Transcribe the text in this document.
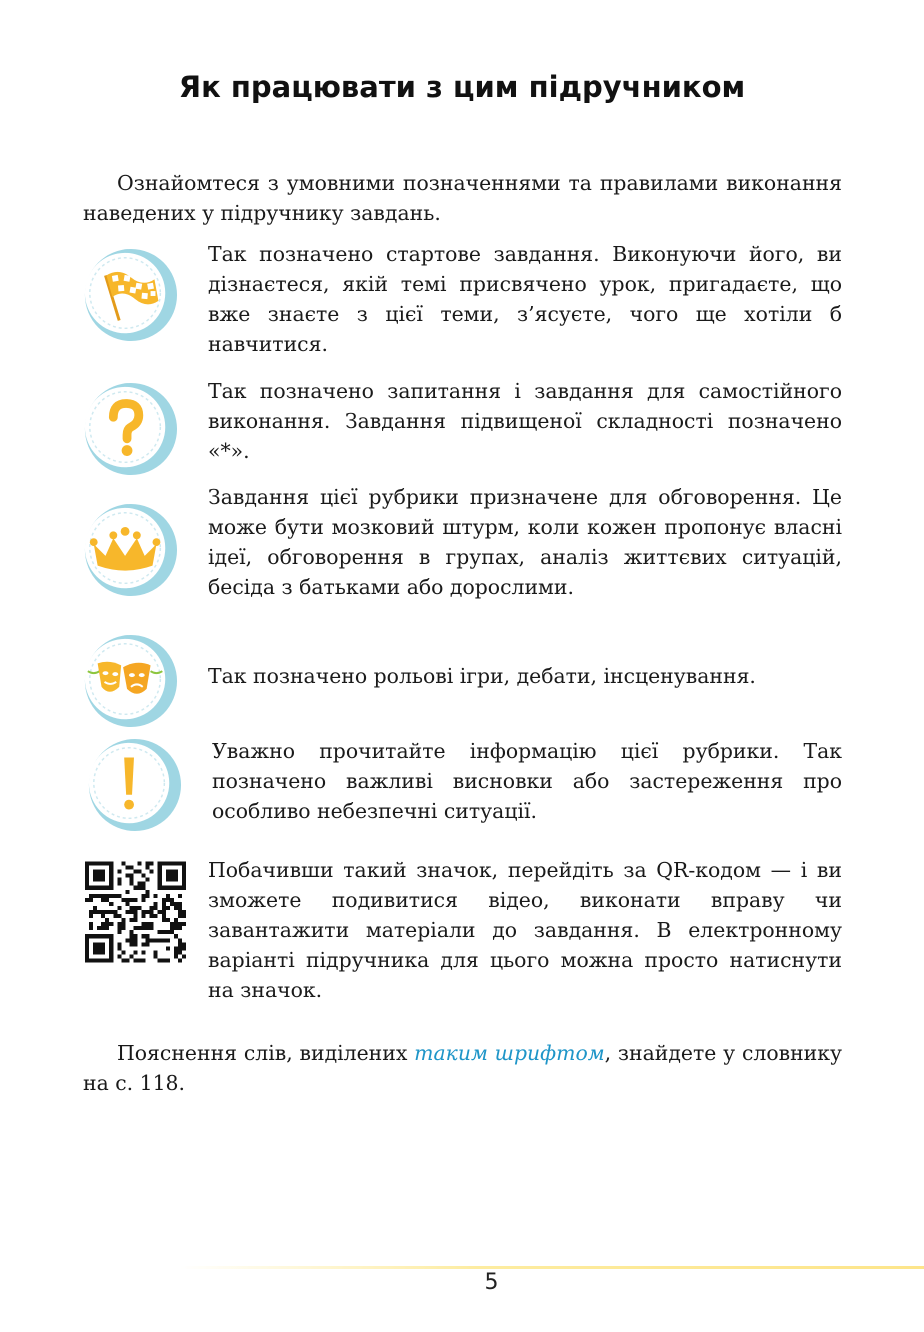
Як працювати з цим підручником

Ознайомтеся з умовними позначеннями та правилами виконання наведених у підручнику завдань.

Так позначено стартове завдання. Виконуючи його, ви дізнаєтеся, якій темі присвячено урок, пригадаєте, що вже знаєте з цієї теми, з’ясуєте, чого ще хотіли б навчитися.
Так позначено запитання і завдання для самостійного виконання. Завдання підвищеної складності позначено «*».
Завдання цієї рубрики призначене для обговорення. Це може бути мозковий штурм, коли кожен пропонує власні ідеї, обговорення в групах, аналіз життєвих ситуацій, бесіда з батьками або дорослими.
Так позначено рольові ігри, дебати, інсценування.
Уважно прочитайте інформацію цієї рубрики. Так позначено важливі висновки або застереження про особливо небезпечні ситуації.
Побачивши такий значок, перейдіть за QR-кодом — і ви зможете подивитися відео, виконати вправу чи завантажити матеріали до завдання. В електронному варіанті підручника для цього можна просто натиснути на значок.

Пояснення слів, виділених таким шрифтом, знайдете у словнику на с. 118.

5
